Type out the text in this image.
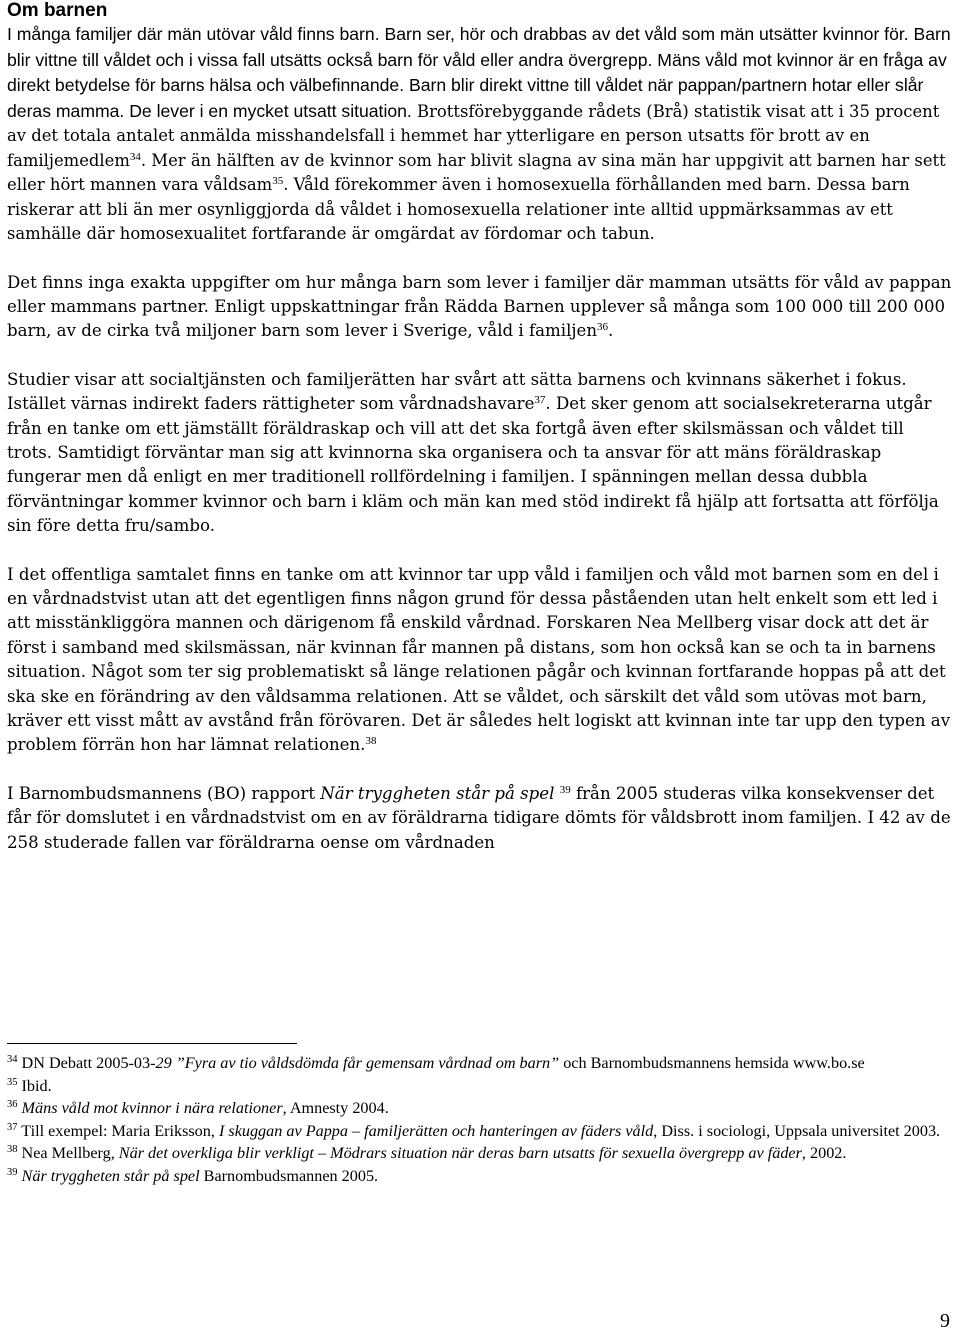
Om barnen

I många familjer där män utövar våld finns barn. Barn ser, hör och drabbas av det våld som män utsätter kvinnor för. Barn blir vittne till våldet och i vissa fall utsätts också barn för våld eller andra övergrepp. Mäns våld mot kvinnor är en fråga av direkt betydelse för barns hälsa och välbefinnande. Barn blir direkt vittne till våldet när pappan/partnern hotar eller slår deras mamma. De lever i en mycket utsatt situation. Brottsförebyggande rådets (Brå) statistik visat att i 35 procent av det totala antalet anmälda misshandelsfall i hemmet har ytterligare en person utsatts för brott av en familjemedlem$^{34}$. Mer än hälften av de kvinnor som har blivit slagna av sina män har uppgivit att barnen har sett eller hört mannen vara våldsam$^{35}$. Våld förekommer även i homosexuella förhållanden med barn. Dessa barn riskerar att bli än mer osynliggjorda då våldet i homosexuella relationer inte alltid uppmärksammas av ett samhälle där homosexualitet fortfarande är omgärdat av fördomar och tabun.

Det finns inga exakta uppgifter om hur många barn som lever i familjer där mamman utsätts för våld av pappan eller mammans partner. Enligt uppskattningar från Rädda Barnen upplever så många som 100 000 till 200 000 barn, av de cirka två miljoner barn som lever i Sverige, våld i familjen$^{36}$.

Studier visar att socialtjänsten och familjerätten har svårt att sätta barnens och kvinnans säkerhet i fokus. Istället värnas indirekt faders rättigheter som vårdnadshavare$^{37}$. Det sker genom att socialsekreterarna utgår från en tanke om ett jämställt föräldraskap och vill att det ska fortgå även efter skilsmässan och våldet till trots. Samtidigt förväntar man sig att kvinnorna ska organisera och ta ansvar för att mäns föräldraskap fungerar men då enligt en mer traditionell rollfördelning i familjen. I spänningen mellan dessa dubbla förväntningar kommer kvinnor och barn i kläm och män kan med stöd indirekt få hjälp att fortsatta att förfölja sin före detta fru/sambo.

I det offentliga samtalet finns en tanke om att kvinnor tar upp våld i familjen och våld mot barnen som en del i en vårdnadstvist utan att det egentligen finns någon grund för dessa påståenden utan helt enkelt som ett led i att misstänkliggöra mannen och därigenom få enskild vårdnad. Forskaren Nea Mellberg visar dock att det är först i samband med skilsmässan, när kvinnan får mannen på distans, som hon också kan se och ta in barnens situation. Något som ter sig problematiskt så länge relationen pågår och kvinnan fortfarande hoppas på att det ska ske en förändring av den våldsamma relationen. Att se våldet, och särskilt det våld som utövas mot barn, kräver ett visst mått av avstånd från förövaren. Det är således helt logiskt att kvinnan inte tar upp den typen av problem förrän hon har lämnat relationen.$^{38}$

I Barnombudsmannens (BO) rapport När tryggheten står på spel $^{39}$ från 2005 studeras vilka konsekvenser det får för domslutet i en vårdnadstvist om en av föräldrarna tidigare dömts för våldsbrott inom familjen. I 42 av de 258 studerade fallen var föräldrarna oense om vårdnaden

$^{34}$ DN Debatt 2005-03-29 ”Fyra av tio våldsdömda får gemensam vårdnad om barn” och Barnombudsmannens hemsida www.bo.se
$^{35}$ Ibid.
$^{36}$ Mäns våld mot kvinnor i nära relationer, Amnesty 2004.
$^{37}$ Till exempel: Maria Eriksson, I skuggan av Pappa – familjerätten och hanteringen av fäders våld, Diss. i sociologi, Uppsala universitet 2003.
$^{38}$ Nea Mellberg, När det overkliga blir verkligt – Mödrars situation när deras barn utsatts för sexuella övergrepp av fäder, 2002.
$^{39}$ När tryggheten står på spel Barnombudsmannen 2005.
9
